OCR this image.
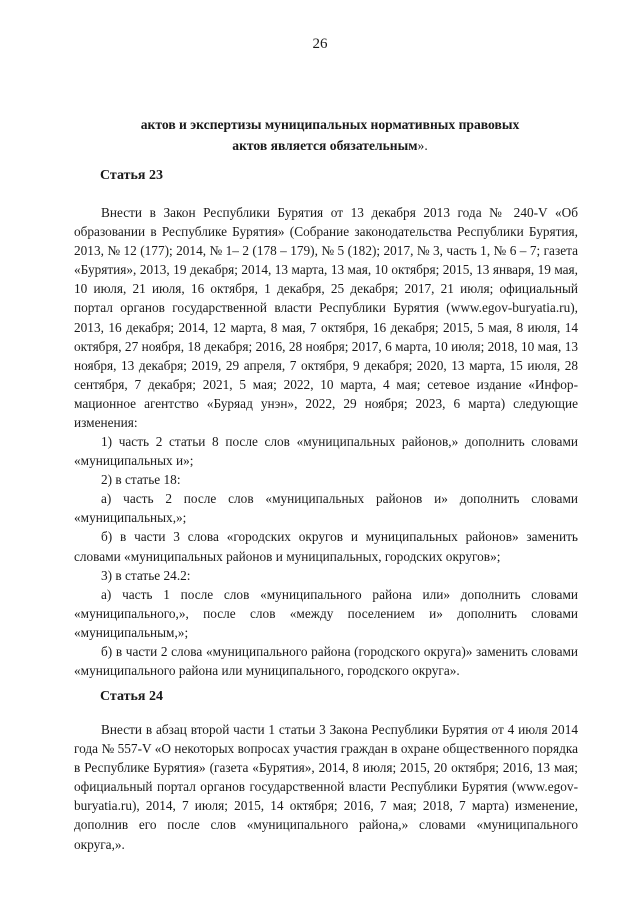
26
актов и экспертизы муниципальных нормативных правовых
актов является обязательным».
Статья 23

Внести в Закон Республики Бурятия от 13 декабря 2013 года № 240-V «Об образовании в Республике Бурятия» (Собрание законодательства Республики Бурятия, 2013, № 12 (177); 2014, № 1– 2 (178 – 179), № 5 (182); 2017, № 3, часть 1, № 6 – 7; газета «Бурятия», 2013, 19 декабря; 2014, 13 марта, 13 мая, 10 октября; 2015, 13 января, 19 мая, 10 июля, 21 июля, 16 октября, 1 декабря, 25 декабря; 2017, 21 июля; официальный портал органов государственной власти Республики Бурятия (www.egov-buryatia.ru), 2013, 16 декабря; 2014, 12 марта, 8 мая, 7 октября, 16 декабря; 2015, 5 мая, 8 июля, 14 октября, 27 ноября, 18 декабря; 2016, 28 ноября; 2017, 6 марта, 10 июля; 2018, 10 мая, 13 ноября, 13 декабря; 2019, 29 апреля, 7 октября, 9 декабря; 2020, 13 марта, 15 июля, 28 сентября, 7 декабря; 2021, 5 мая; 2022, 10 марта, 4 мая; сетевое издание «Информационное агентство «Буряад унэн», 2022, 29 ноября; 2023, 6 марта) следующие изменения:

1) часть 2 статьи 8 после слов «муниципальных районов,» дополнить словами «муниципальных и»;

2) в статье 18:

а) часть 2 после слов «муниципальных районов и» дополнить словами «муниципальных,»;

б) в части 3 слова «городских округов и муниципальных районов» заменить словами «муниципальных районов и муниципальных, городских округов»;

3) в статье 24.2:

а) часть 1 после слов «муниципального района или» дополнить словами «муниципального,», после слов «между поселением и» дополнить словами «муниципальным,»;

б) в части 2 слова «муниципального района (городского округа)» заменить словами «муниципального района или муниципального, городского округа».

Статья 24

Внести в абзац второй части 1 статьи 3 Закона Республики Бурятия от 4 июля 2014 года № 557-V «О некоторых вопросах участия граждан в охране общественного порядка в Республике Бурятия» (газета «Бурятия», 2014, 8 июля; 2015, 20 октября; 2016, 13 мая; официальный портал органов государственной власти Республики Бурятия (www.egov-buryatia.ru), 2014, 7 июля; 2015, 14 октября; 2016, 7 мая; 2018, 7 марта) изменение, дополнив его после слов «муниципального района,» словами «муниципального округа,».
